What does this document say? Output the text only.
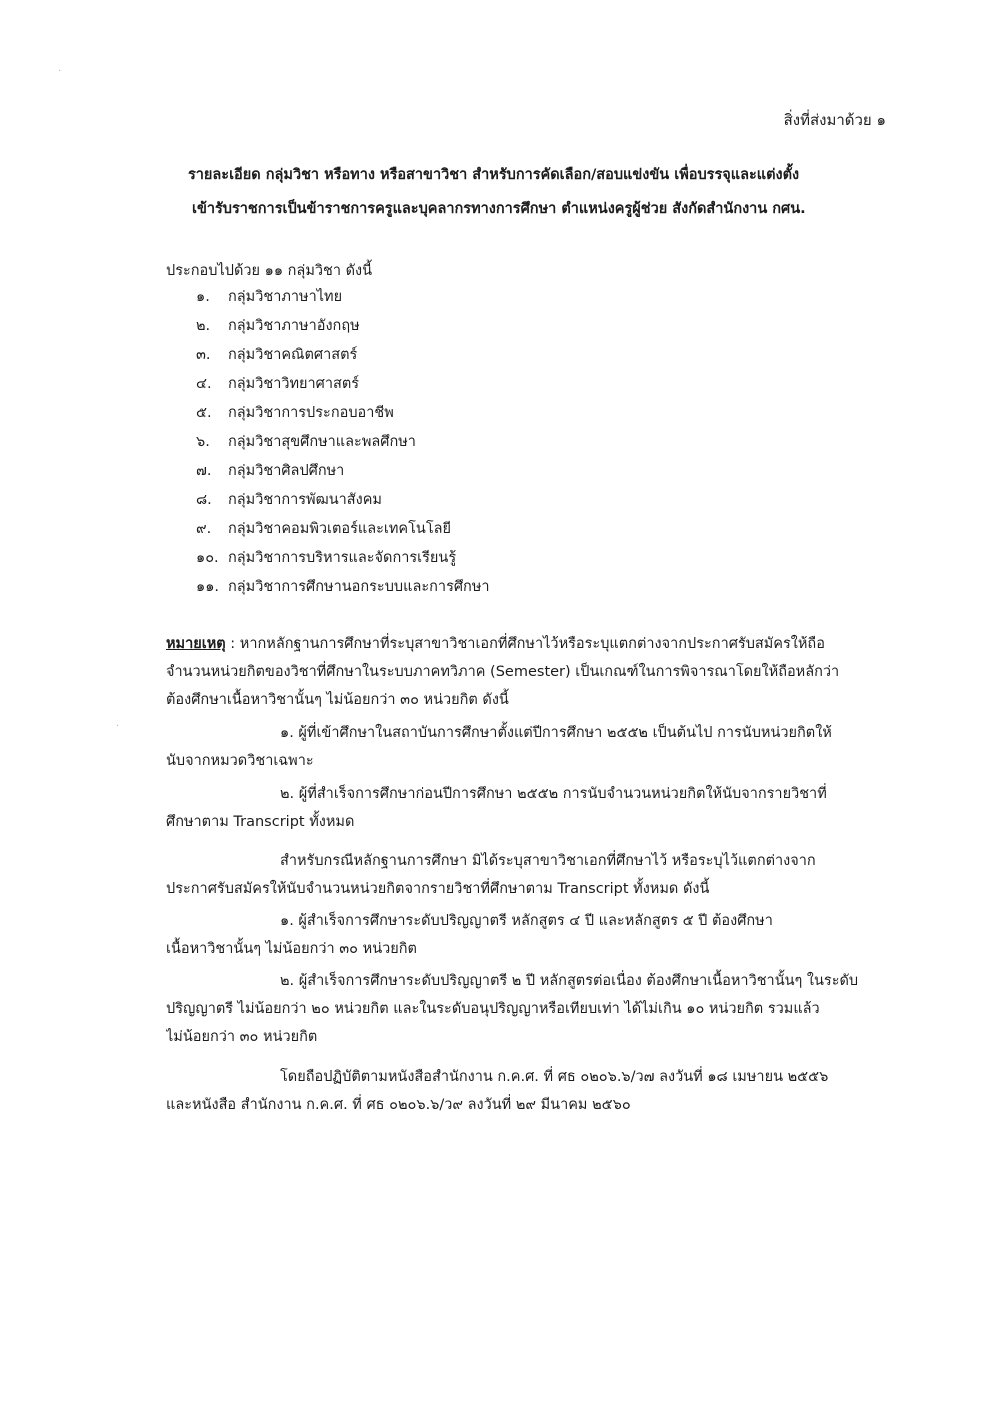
·
·
สิ่งที่ส่งมาด้วย ๑
รายละเอียด กลุ่มวิชา หรือทาง หรือสาขาวิชา สำหรับการคัดเลือก/สอบแข่งขัน เพื่อบรรจุและแต่งตั้ง
เข้ารับราชการเป็นข้าราชการครูและบุคลากรทางการศึกษา ตำแหน่งครูผู้ช่วย สังกัดสำนักงาน กศน.
ประกอบไปด้วย ๑๑ กลุ่มวิชา ดังนี้
๑. กลุ่มวิชาภาษาไทย
๒. กลุ่มวิชาภาษาอังกฤษ
๓. กลุ่มวิชาคณิตศาสตร์
๔. กลุ่มวิชาวิทยาศาสตร์
๕. กลุ่มวิชาการประกอบอาชีพ
๖. กลุ่มวิชาสุขศึกษาและพลศึกษา
๗. กลุ่มวิชาศิลปศึกษา
๘. กลุ่มวิชาการพัฒนาสังคม
๙. กลุ่มวิชาคอมพิวเตอร์และเทคโนโลยี
๑๐. กลุ่มวิชาการบริหารและจัดการเรียนรู้
๑๑. กลุ่มวิชาการศึกษานอกระบบและการศึกษา
หมายเหตุ : หากหลักฐานการศึกษาที่ระบุสาขาวิชาเอกที่ศึกษาไว้หรือระบุแตกต่างจากประกาศรับสมัครให้ถือ
จำนวนหน่วยกิตของวิชาที่ศึกษาในระบบภาคทวิภาค (Semester) เป็นเกณฑ์ในการพิจารณาโดยให้ถือหลักว่า
ต้องศึกษาเนื้อหาวิชานั้นๆ ไม่น้อยกว่า ๓๐ หน่วยกิต ดังนี้
๑. ผู้ที่เข้าศึกษาในสถาบันการศึกษาตั้งแต่ปีการศึกษา ๒๕๕๒ เป็นต้นไป การนับหน่วยกิตให้
นับจากหมวดวิชาเฉพาะ
๒. ผู้ที่สำเร็จการศึกษาก่อนปีการศึกษา ๒๕๕๒ การนับจำนวนหน่วยกิตให้นับจากรายวิชาที่
ศึกษาตาม Transcript ทั้งหมด
สำหรับกรณีหลักฐานการศึกษา มิได้ระบุสาขาวิชาเอกที่ศึกษาไว้ หรือระบุไว้แตกต่างจาก
ประกาศรับสมัครให้นับจำนวนหน่วยกิตจากรายวิชาที่ศึกษาตาม Transcript ทั้งหมด ดังนี้
๑. ผู้สำเร็จการศึกษาระดับปริญญาตรี หลักสูตร ๔ ปี และหลักสูตร ๕ ปี ต้องศึกษา
เนื้อหาวิชานั้นๆ ไม่น้อยกว่า ๓๐ หน่วยกิต
๒. ผู้สำเร็จการศึกษาระดับปริญญาตรี ๒ ปี หลักสูตรต่อเนื่อง ต้องศึกษาเนื้อหาวิชานั้นๆ ในระดับ
ปริญญาตรี ไม่น้อยกว่า ๒๐ หน่วยกิต และในระดับอนุปริญญาหรือเทียบเท่า ได้ไม่เกิน ๑๐ หน่วยกิต รวมแล้ว
ไม่น้อยกว่า ๓๐ หน่วยกิต
โดยถือปฏิบัติตามหนังสือสำนักงาน ก.ค.ศ. ที่ ศธ ๐๒๐๖.๖/ว๗ ลงวันที่ ๑๘ เมษายน ๒๕๕๖
และหนังสือ สำนักงาน ก.ค.ศ. ที่ ศธ ๐๒๐๖.๖/ว๙ ลงวันที่ ๒๙ มีนาคม ๒๕๖๐
